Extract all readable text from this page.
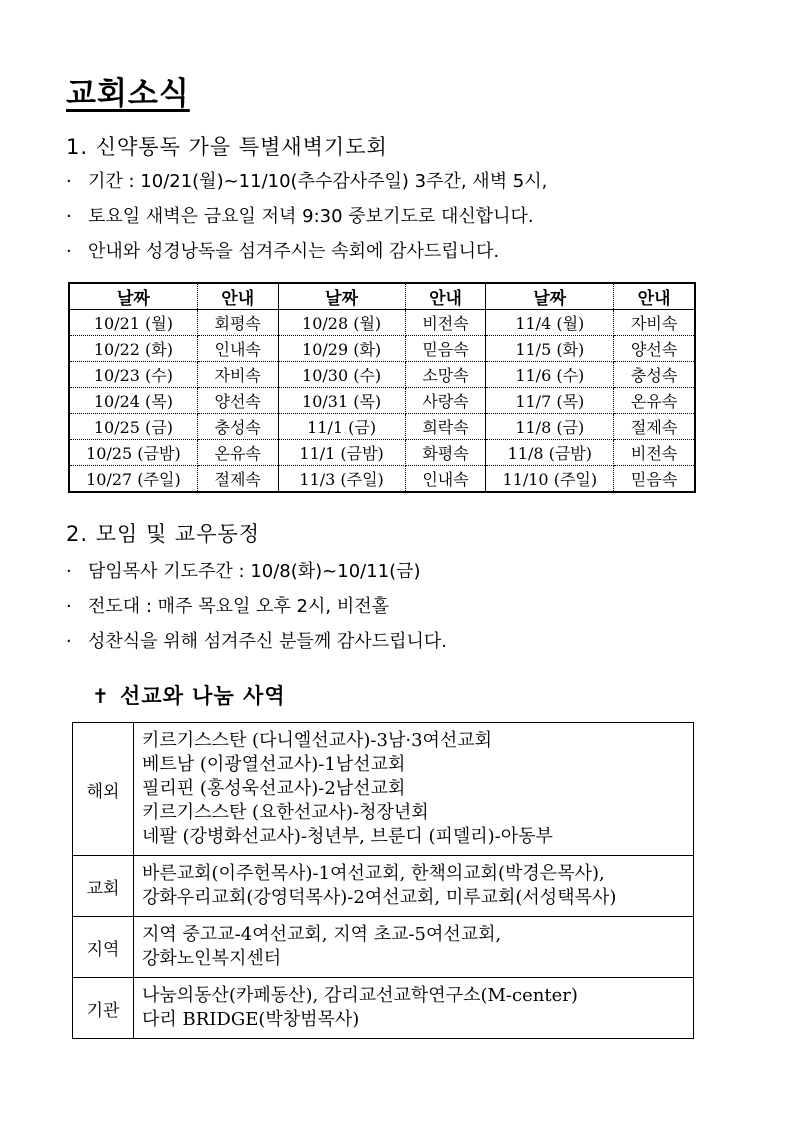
교회소식
1. 신약통독 가을 특별새벽기도회
· 기간 : 10/21(월)~11/10(추수감사주일) 3주간, 새벽 5시,
· 토요일 새벽은 금요일 저녁 9:30 중보기도로 대신합니다.
· 안내와 성경낭독을 섬겨주시는 속회에 감사드립니다.
날짜	안내	날짜	안내	날짜	안내
10/21 (월)	회평속	10/28 (월)	비전속	11/4 (월)	자비속
10/22 (화)	인내속	10/29 (화)	믿음속	11/5 (화)	양선속
10/23 (수)	자비속	10/30 (수)	소망속	11/6 (수)	충성속
10/24 (목)	양선속	10/31 (목)	사랑속	11/7 (목)	온유속
10/25 (금)	충성속	11/1 (금)	희락속	11/8 (금)	절제속
10/25 (금밤)	온유속	11/1 (금밤)	화평속	11/8 (금밤)	비전속
10/27 (주일)	절제속	11/3 (주일)	인내속	11/10 (주일)	믿음속
2. 모임 및 교우동정
· 담임목사 기도주간 : 10/8(화)~10/11(금)
· 전도대 : 매주 목요일 오후 2시, 비전홀
· 성찬식을 위해 섬겨주신 분들께 감사드립니다.
✝ 선교와 나눔 사역
해외	키르기스스탄 (다니엘선교사)-3남·3여선교회
베트남 (이광열선교사)-1남선교회
필리핀 (홍성욱선교사)-2남선교회
키르기스스탄 (요한선교사)-청장년회
네팔 (강병화선교사)-청년부, 브룬디 (피델리)-아동부

교회	바른교회(이주헌목사)-1여선교회, 한책의교회(박경은목사),
강화우리교회(강영덕목사)-2여선교회, 미루교회(서성택목사)

지역	지역 중고교-4여선교회, 지역 초교-5여선교회,
강화노인복지센터

기관	나눔의동산(카페동산), 감리교선교학연구소(M-center)
다리 BRIDGE(박창범목사)
